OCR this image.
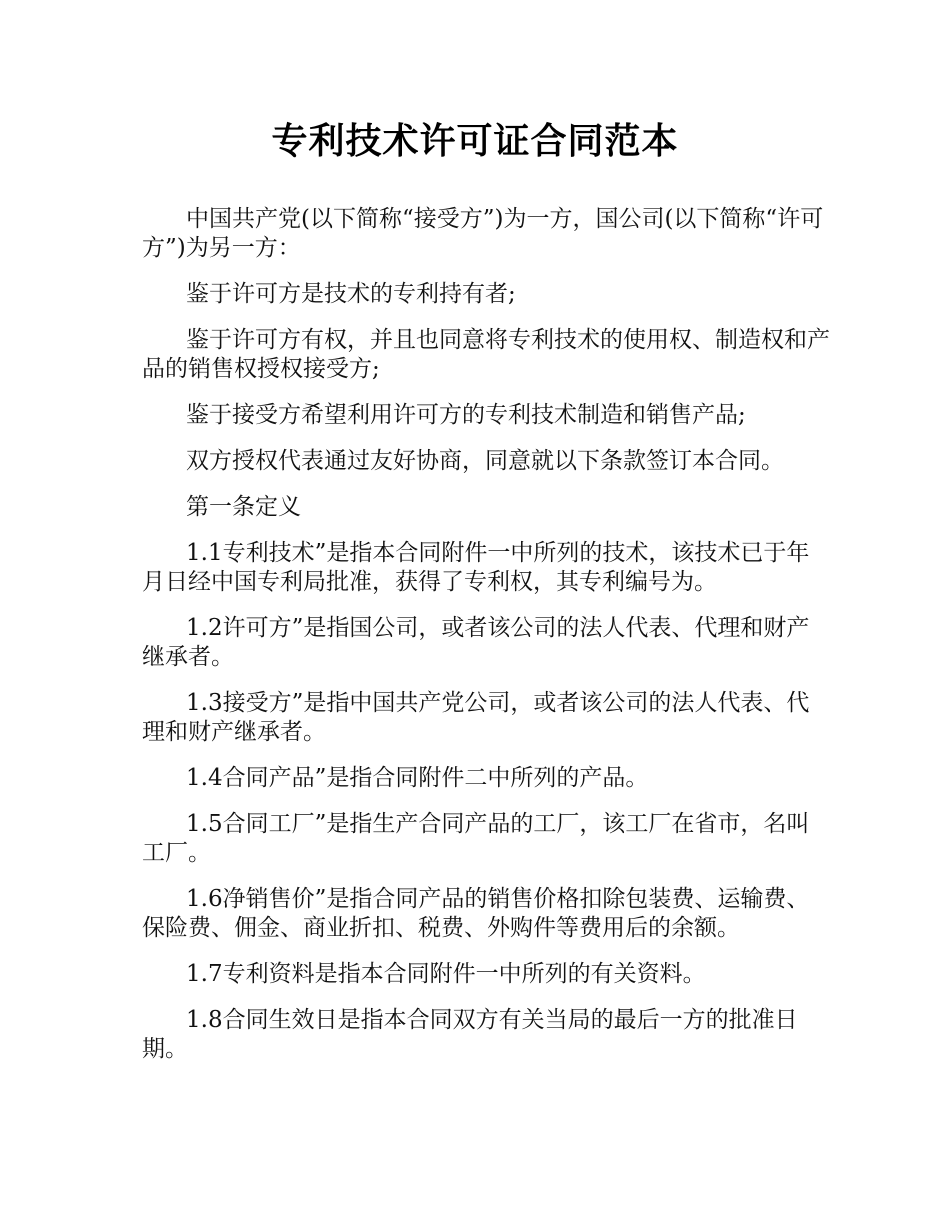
专利技术许可证合同范本

中国共产党(以下简称“接受方”)为一方，国公司(以下简称“许可方”)为另一方：

鉴于许可方是技术的专利持有者;

鉴于许可方有权，并且也同意将专利技术的使用权、制造权和产品的销售权授权接受方;

鉴于接受方希望利用许可方的专利技术制造和销售产品;

双方授权代表通过友好协商，同意就以下条款签订本合同。

第一条定义

1.1专利技术”是指本合同附件一中所列的技术，该技术已于年月日经中国专利局批准，获得了专利权，其专利编号为。

1.2许可方”是指国公司，或者该公司的法人代表、代理和财产继承者。

1.3接受方”是指中国共产党公司，或者该公司的法人代表、代理和财产继承者。

1.4合同产品”是指合同附件二中所列的产品。

1.5合同工厂”是指生产合同产品的工厂，该工厂在省市，名叫工厂。

1.6净销售价”是指合同产品的销售价格扣除包装费、运输费、保险费、佣金、商业折扣、税费、外购件等费用后的余额。

1.7专利资料是指本合同附件一中所列的有关资料。

1.8合同生效日是指本合同双方有关当局的最后一方的批准日期。
